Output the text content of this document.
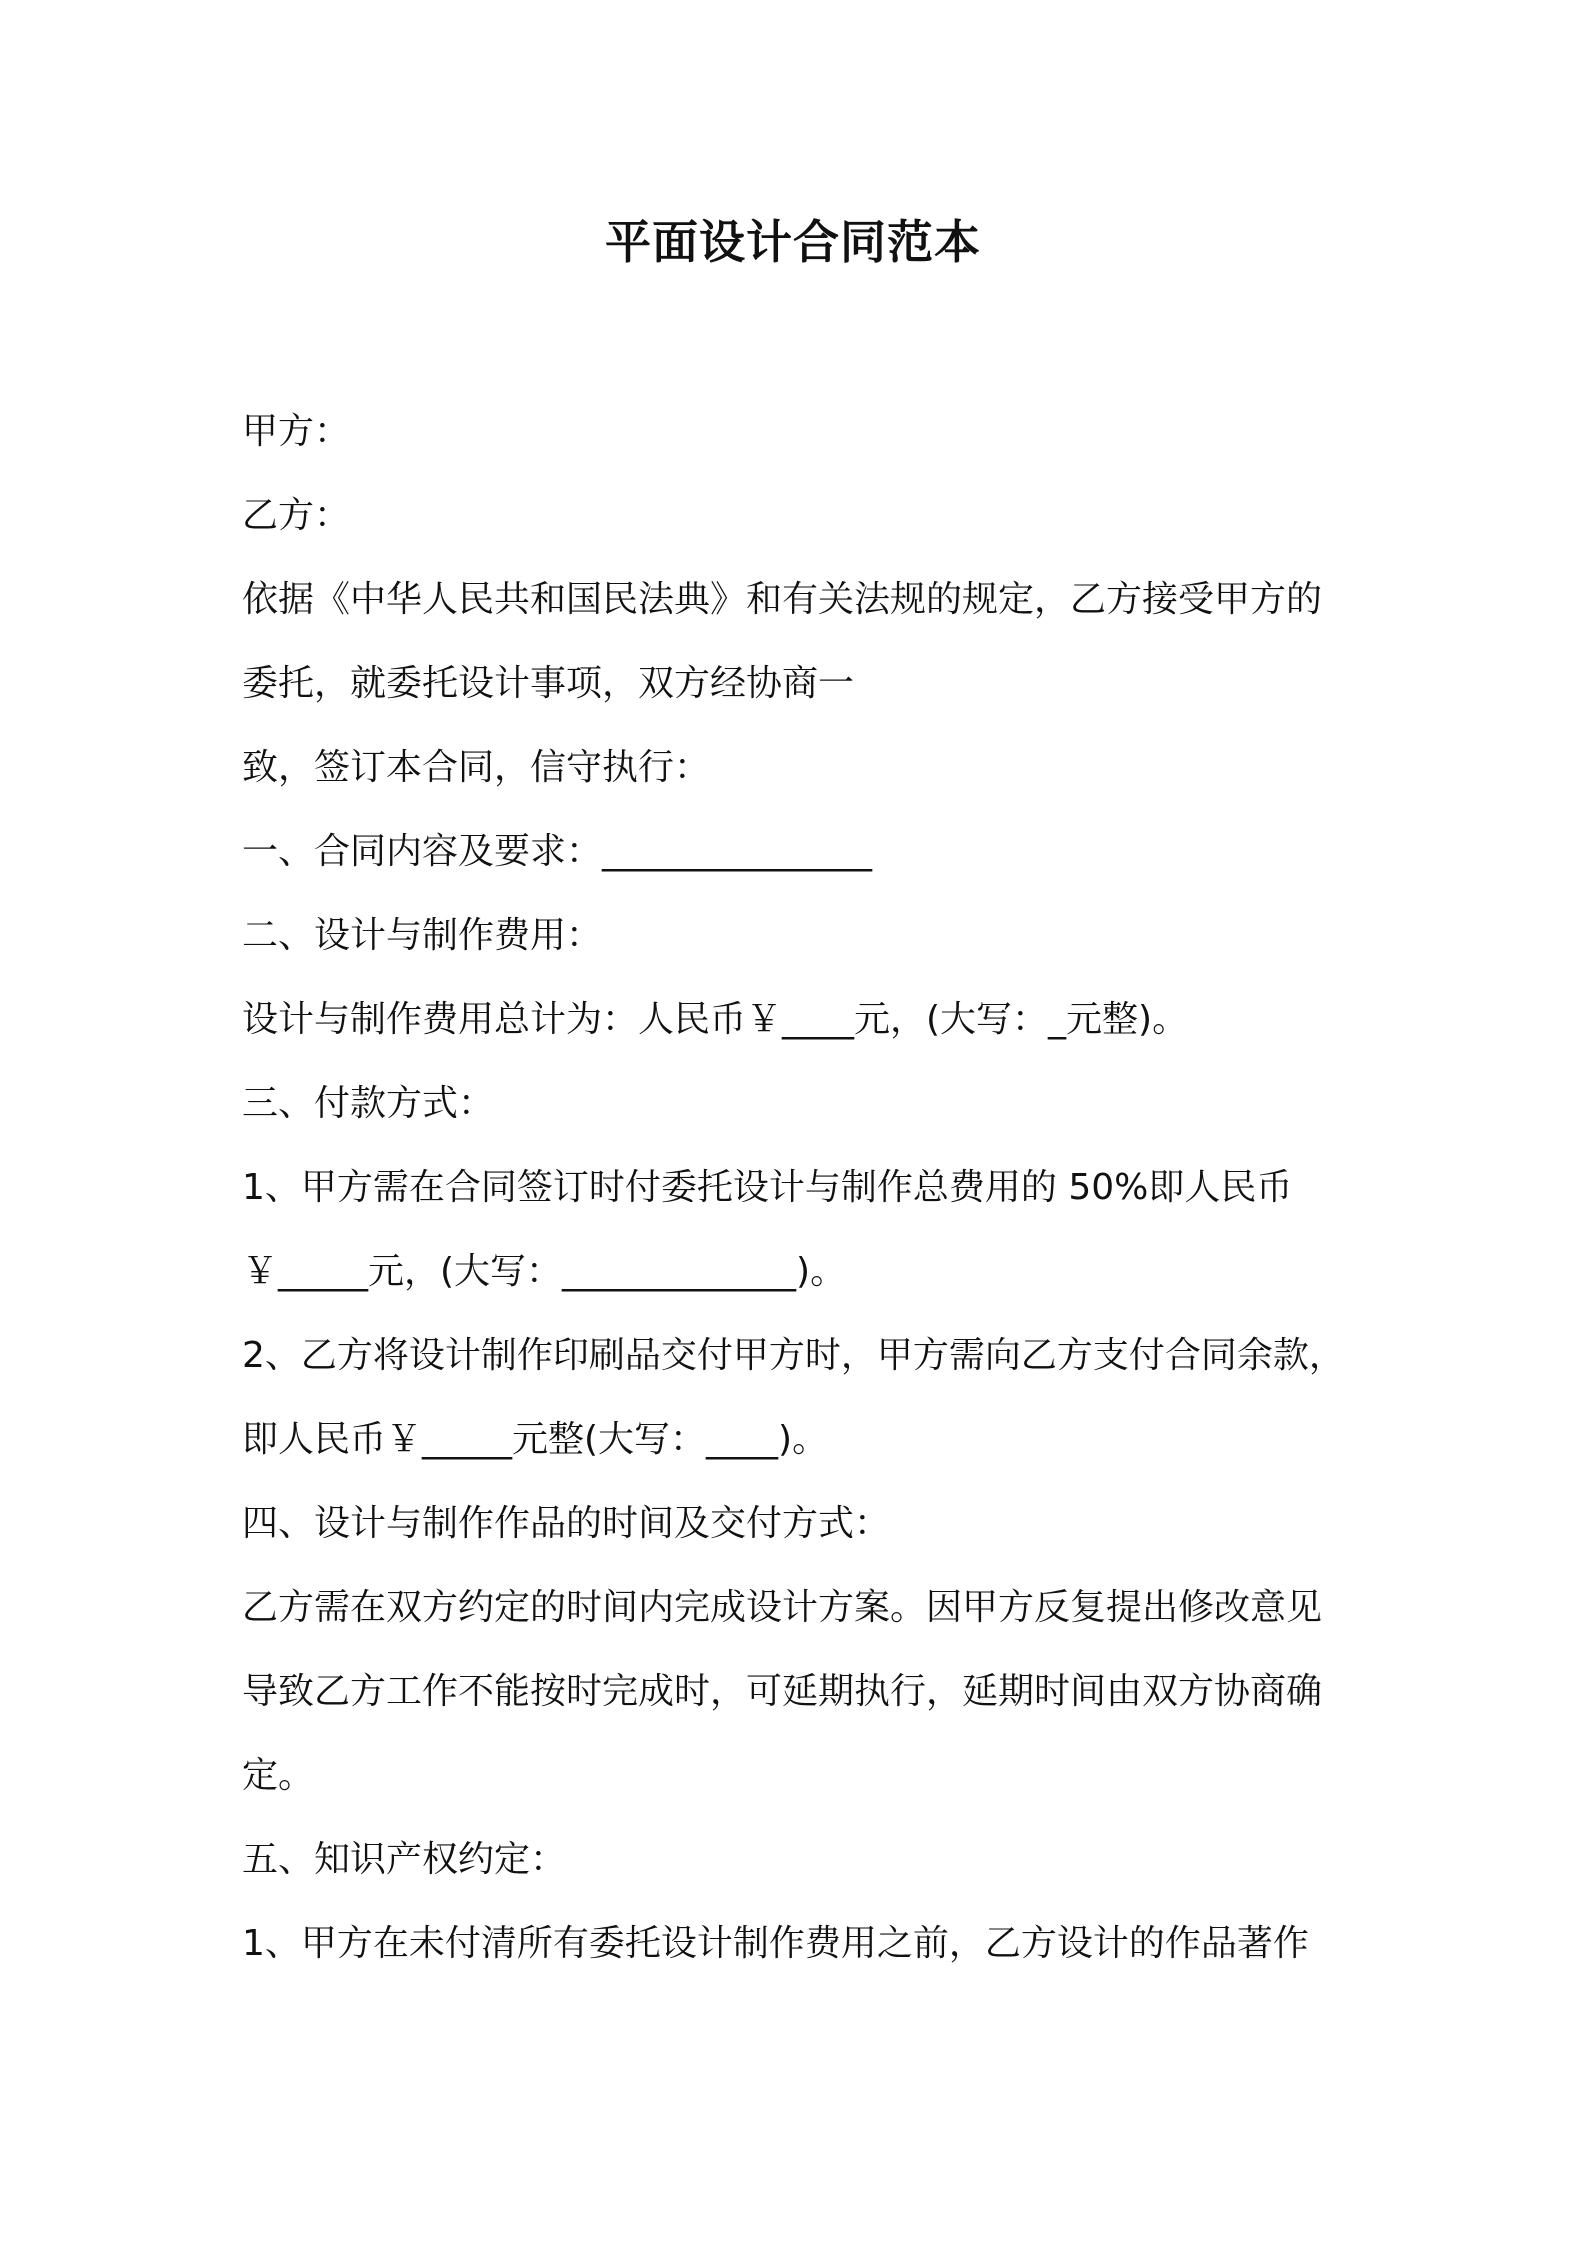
平面设计合同范本

甲方：

乙方：

依据《中华人民共和国民法典》和有关法规的规定，乙方接受甲方的

委托，就委托设计事项，双方经协商一

致，签订本合同，信守执行：

一、合同内容及要求：_______________

二、设计与制作费用：

设计与制作费用总计为：人民币￥____元，(大写：_元整)。

三、付款方式：

1、甲方需在合同签订时付委托设计与制作总费用的 50%即人民币

￥_____元，(大写：_____________)。

2、乙方将设计制作印刷品交付甲方时，甲方需向乙方支付合同余款，

即人民币￥_____元整(大写：____)。

四、设计与制作作品的时间及交付方式：

乙方需在双方约定的时间内完成设计方案。因甲方反复提出修改意见

导致乙方工作不能按时完成时，可延期执行，延期时间由双方协商确

定。

五、知识产权约定：

1、甲方在未付清所有委托设计制作费用之前，乙方设计的作品著作
